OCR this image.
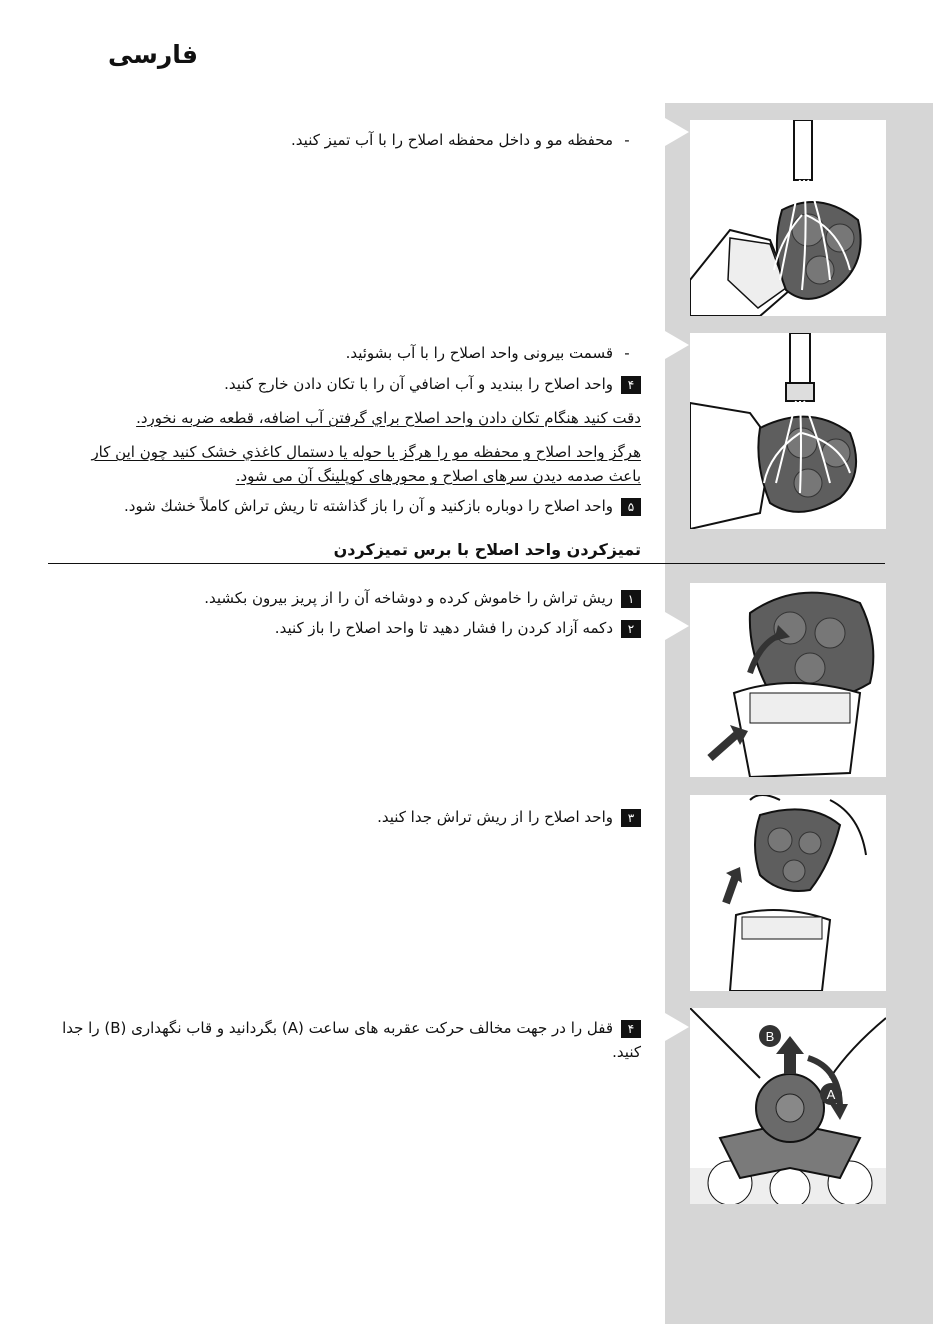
فارسی
B
A
-محفظه مو و داخل محفظه اصلاح را با آب تمیز کنید.
-قسمت بیرونی واحد اصلاح را با آب بشوئید.
۴واحد اصلاح را ببندید و آب اضافي آن را با تکان دادن خارج کنید.
دقت کنید هنگام تکان دادن واحد اصلاح براي گرفتن آب اضافه، قطعه ضربه نخورد.
هرگز واحد اصلاح و محفظه مو را هرگز با حوله یا دستمال کاغذي خشک کنید چون این کار باعث صدمه دیدن سرهای اصلاح و محورهای کوپلینگ آن می شود.
۵واحد اصلاح را دوباره بازکنید و آن را باز گذاشته تا ریش تراش کاملاً خشك شود.
تمیزکردن واحد اصلاح با برس تمیزکردن
۱ریش تراش را خاموش کرده و دوشاخه آن را از پریز بیرون بکشید.
۲دکمه آزاد کردن را فشار دهید تا واحد اصلاح را باز کنید.
۳واحد اصلاح را از ریش تراش جدا کنید.
۴قفل را در جهت مخالف حرکت عقربه های ساعت (A) بگردانید و قاب نگهداری (B) را جدا کنید.
